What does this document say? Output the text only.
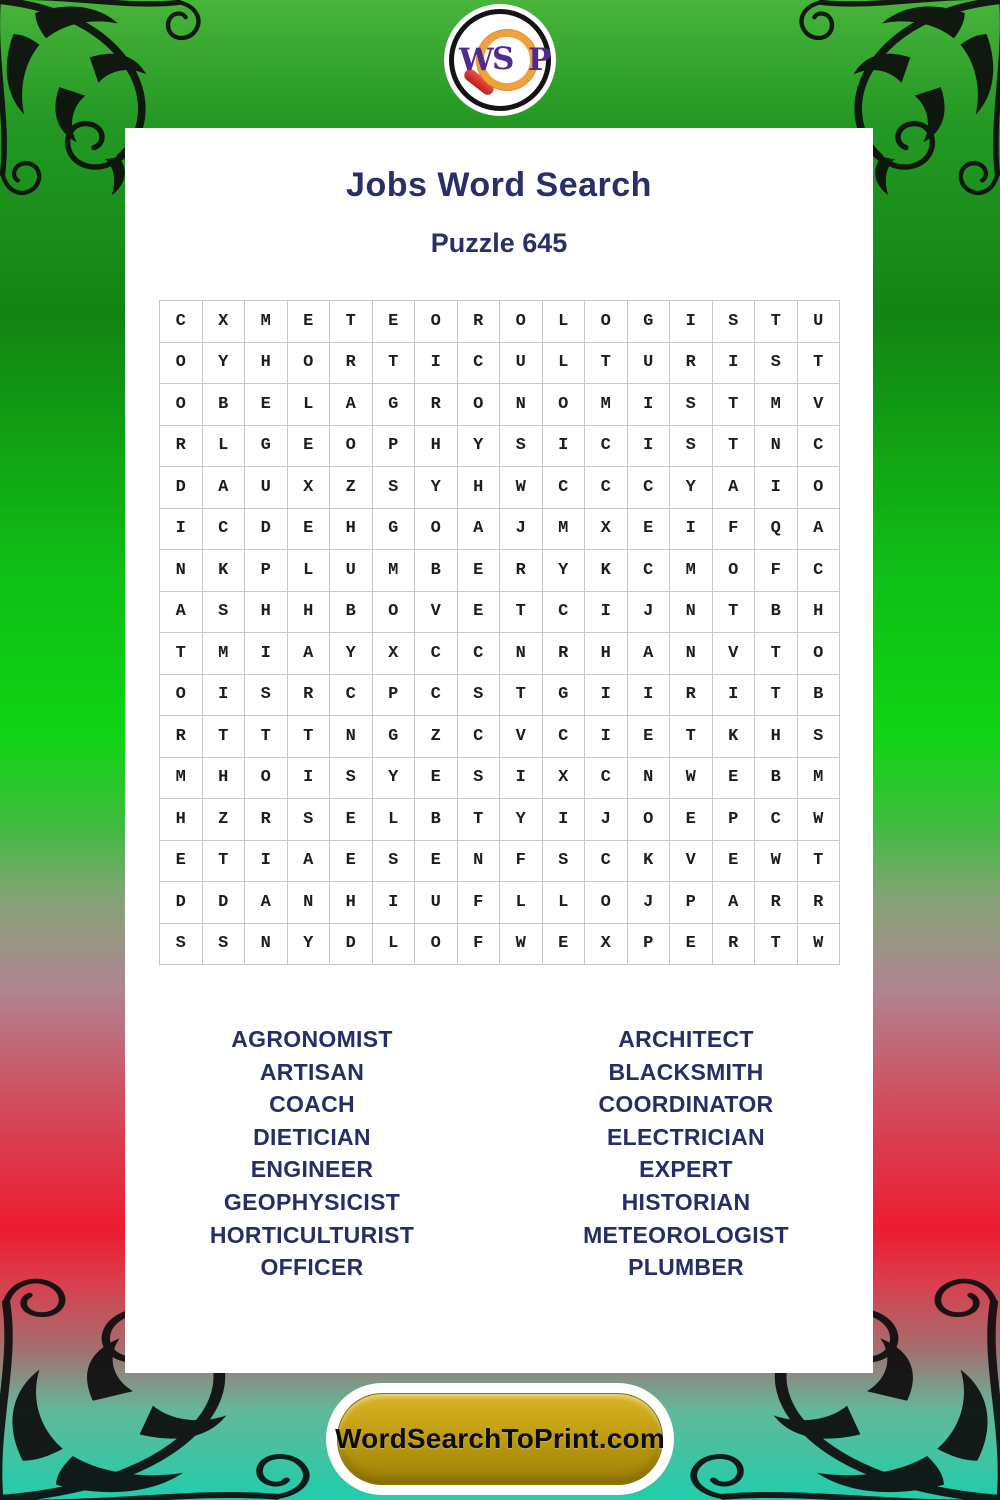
W
S P
Jobs Word Search
Puzzle 645
C	X	M	E	T	E	O	R	O	L	O	G	I	S	T	U
O	Y	H	O	R	T	I	C	U	L	T	U	R	I	S	T
O	B	E	L	A	G	R	O	N	O	M	I	S	T	M	V
R	L	G	E	O	P	H	Y	S	I	C	I	S	T	N	C
D	A	U	X	Z	S	Y	H	W	C	C	C	Y	A	I	O
I	C	D	E	H	G	O	A	J	M	X	E	I	F	Q	A
N	K	P	L	U	M	B	E	R	Y	K	C	M	O	F	C
A	S	H	H	B	O	V	E	T	C	I	J	N	T	B	H
T	M	I	A	Y	X	C	C	N	R	H	A	N	V	T	O
O	I	S	R	C	P	C	S	T	G	I	I	R	I	T	B
R	T	T	T	N	G	Z	C	V	C	I	E	T	K	H	S
M	H	O	I	S	Y	E	S	I	X	C	N	W	E	B	M
H	Z	R	S	E	L	B	T	Y	I	J	O	E	P	C	W
E	T	I	A	E	S	E	N	F	S	C	K	V	E	W	T
D	D	A	N	H	I	U	F	L	L	O	J	P	A	R	R
S	S	N	Y	D	L	O	F	W	E	X	P	E	R	T	W
AGRONOMIST
ARTISAN
COACH
DIETICIAN
ENGINEER
GEOPHYSICIST
HORTICULTURIST
OFFICER
ARCHITECT
BLACKSMITH
COORDINATOR
ELECTRICIAN
EXPERT
HISTORIAN
METEOROLOGIST
PLUMBER
WordSearchToPrint.com
